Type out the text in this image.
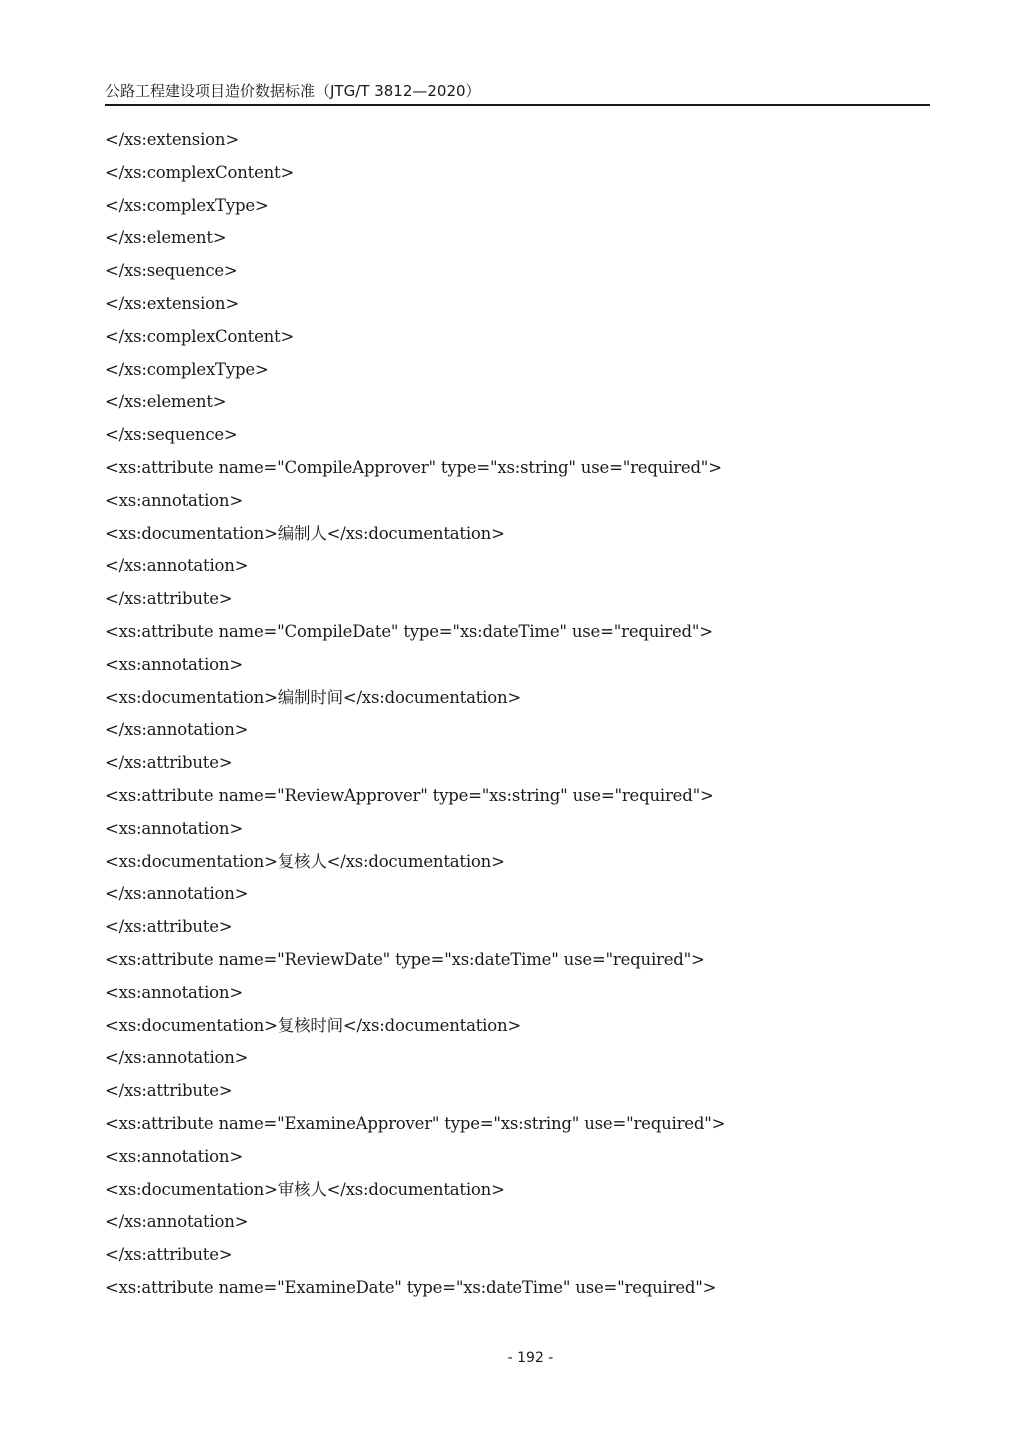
公路工程建设项目造价数据标准（JTG/T 3812—2020）
</xs:extension>
</xs:complexContent>
</xs:complexType>
</xs:element>
</xs:sequence>
</xs:extension>
</xs:complexContent>
</xs:complexType>
</xs:element>
</xs:sequence>
<xs:attribute name="CompileApprover" type="xs:string" use="required">
<xs:annotation>
<xs:documentation>编制人</xs:documentation>
</xs:annotation>
</xs:attribute>
<xs:attribute name="CompileDate" type="xs:dateTime" use="required">
<xs:annotation>
<xs:documentation>编制时间</xs:documentation>
</xs:annotation>
</xs:attribute>
<xs:attribute name="ReviewApprover" type="xs:string" use="required">
<xs:annotation>
<xs:documentation>复核人</xs:documentation>
</xs:annotation>
</xs:attribute>
<xs:attribute name="ReviewDate" type="xs:dateTime" use="required">
<xs:annotation>
<xs:documentation>复核时间</xs:documentation>
</xs:annotation>
</xs:attribute>
<xs:attribute name="ExamineApprover" type="xs:string" use="required">
<xs:annotation>
<xs:documentation>审核人</xs:documentation>
</xs:annotation>
</xs:attribute>
<xs:attribute name="ExamineDate" type="xs:dateTime" use="required">
- 192 -
